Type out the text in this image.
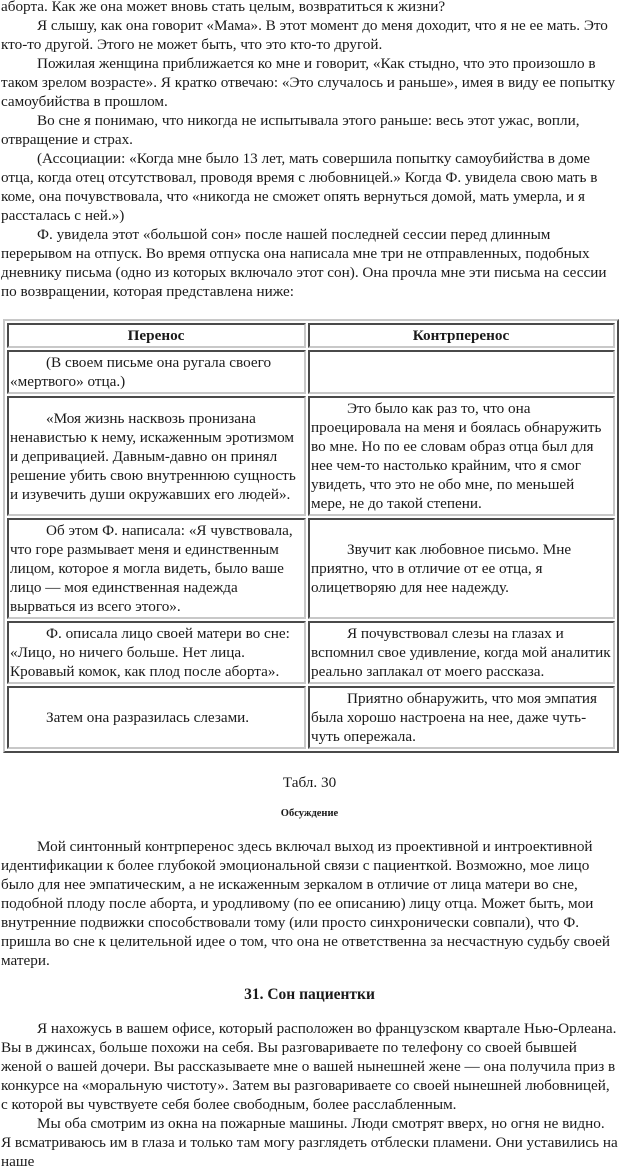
аборта. Как же она может вновь стать целым, возвратиться к жизни?

Я слышу, как она говорит «Мама». В этот момент до меня доходит, что я не ее мать. Это кто-то другой. Этого не может быть, что это кто-то другой.

Пожилая женщина приближается ко мне и говорит, «Как стыдно, что это произошло в таком зрелом возрасте». Я кратко отвечаю: «Это случалось и раньше», имея в виду ее попытку самоубийства в прошлом.

Во сне я понимаю, что никогда не испытывала этого раньше: весь этот ужас, вопли, отвращение и страх.

(Ассоциации: «Когда мне было 13 лет, мать совершила попытку самоубийства в доме отца, когда отец отсутствовал, проводя время с любовницей.» Когда Ф. увидела свою мать в коме, она почувствовала, что «никогда не сможет опять вернуться домой, мать умерла, и я рассталась с ней.»)

Ф. увидела этот «большой сон» после нашей последней сессии перед длинным перерывом на отпуск. Во время отпуска она написала мне три не отправленных, подобных дневнику письма (одно из которых включало этот сон). Она прочла мне эти письма на сессии по возвращении, которая представлена ниже:

Перенос	Контрперенос

(В своем письме она ругала своего «мертвого» отца.)	

«Моя жизнь насквозь пронизана ненавистью к нему, искаженным эротизмом и депривацией. Давным-давно он принял решение убить свою внутреннюю сущность и изувечить души окружавших его людей».	Это было как раз то, что она проецировала на меня и боялась обнаружить во мне. Но по ее словам образ отца был для нее чем-то настолько крайним, что я смог увидеть, что это не обо мне, по меньшей мере, не до такой степени.

Об этом Ф. написала: «Я чувствовала, что горе размывает меня и единственным лицом, которое я могла видеть, было ваше лицо — моя единственная надежда вырваться из всего этого».	Звучит как любовное письмо. Мне приятно, что в отличие от ее отца, я олицетворяю для нее надежду.

Ф. описала лицо своей матери во сне: «Лицо, но ничего больше. Нет лица. Кровавый комок, как плод после аборта».	Я почувствовал слезы на глазах и вспомнил свое удивление, когда мой аналитик реально заплакал от моего рассказа.

Затем она разразилась слезами.	Приятно обнаружить, что моя эмпатия была хорошо настроена на нее, даже чуть-чуть опережала.

Табл. 30

Обсуждение

Мой синтонный контрперенос здесь включал выход из проективной и интроективной идентификации к более глубокой эмоциональной связи с пациенткой. Возможно, мое лицо было для нее эмпатическим, а не искаженным зеркалом в отличие от лица матери во сне, подобной плоду после аборта, и уродливому (по ее описанию) лицу отца. Может быть, мои внутренние подвижки способствовали тому (или просто синхронически совпали), что Ф. пришла во сне к целительной идее о том, что она не ответственна за несчастную судьбу своей матери.

31. Сон пациентки

Я нахожусь в вашем офисе, который расположен во французском квартале Нью-Орлеана. Вы в джинсах, больше похожи на себя. Вы разговариваете по телефону со своей бывшей женой о вашей дочери. Вы рассказываете мне о вашей нынешней жене — она получила приз в конкурсе на «моральную чистоту». Затем вы разговариваете со своей нынешней любовницей, с которой вы чувствуете себя более свободным, более расслабленным.

Мы оба смотрим из окна на пожарные машины. Люди смотрят вверх, но огня не видно. Я всматриваюсь им в глаза и только там могу разглядеть отблески пламени. Они уставились на наше
